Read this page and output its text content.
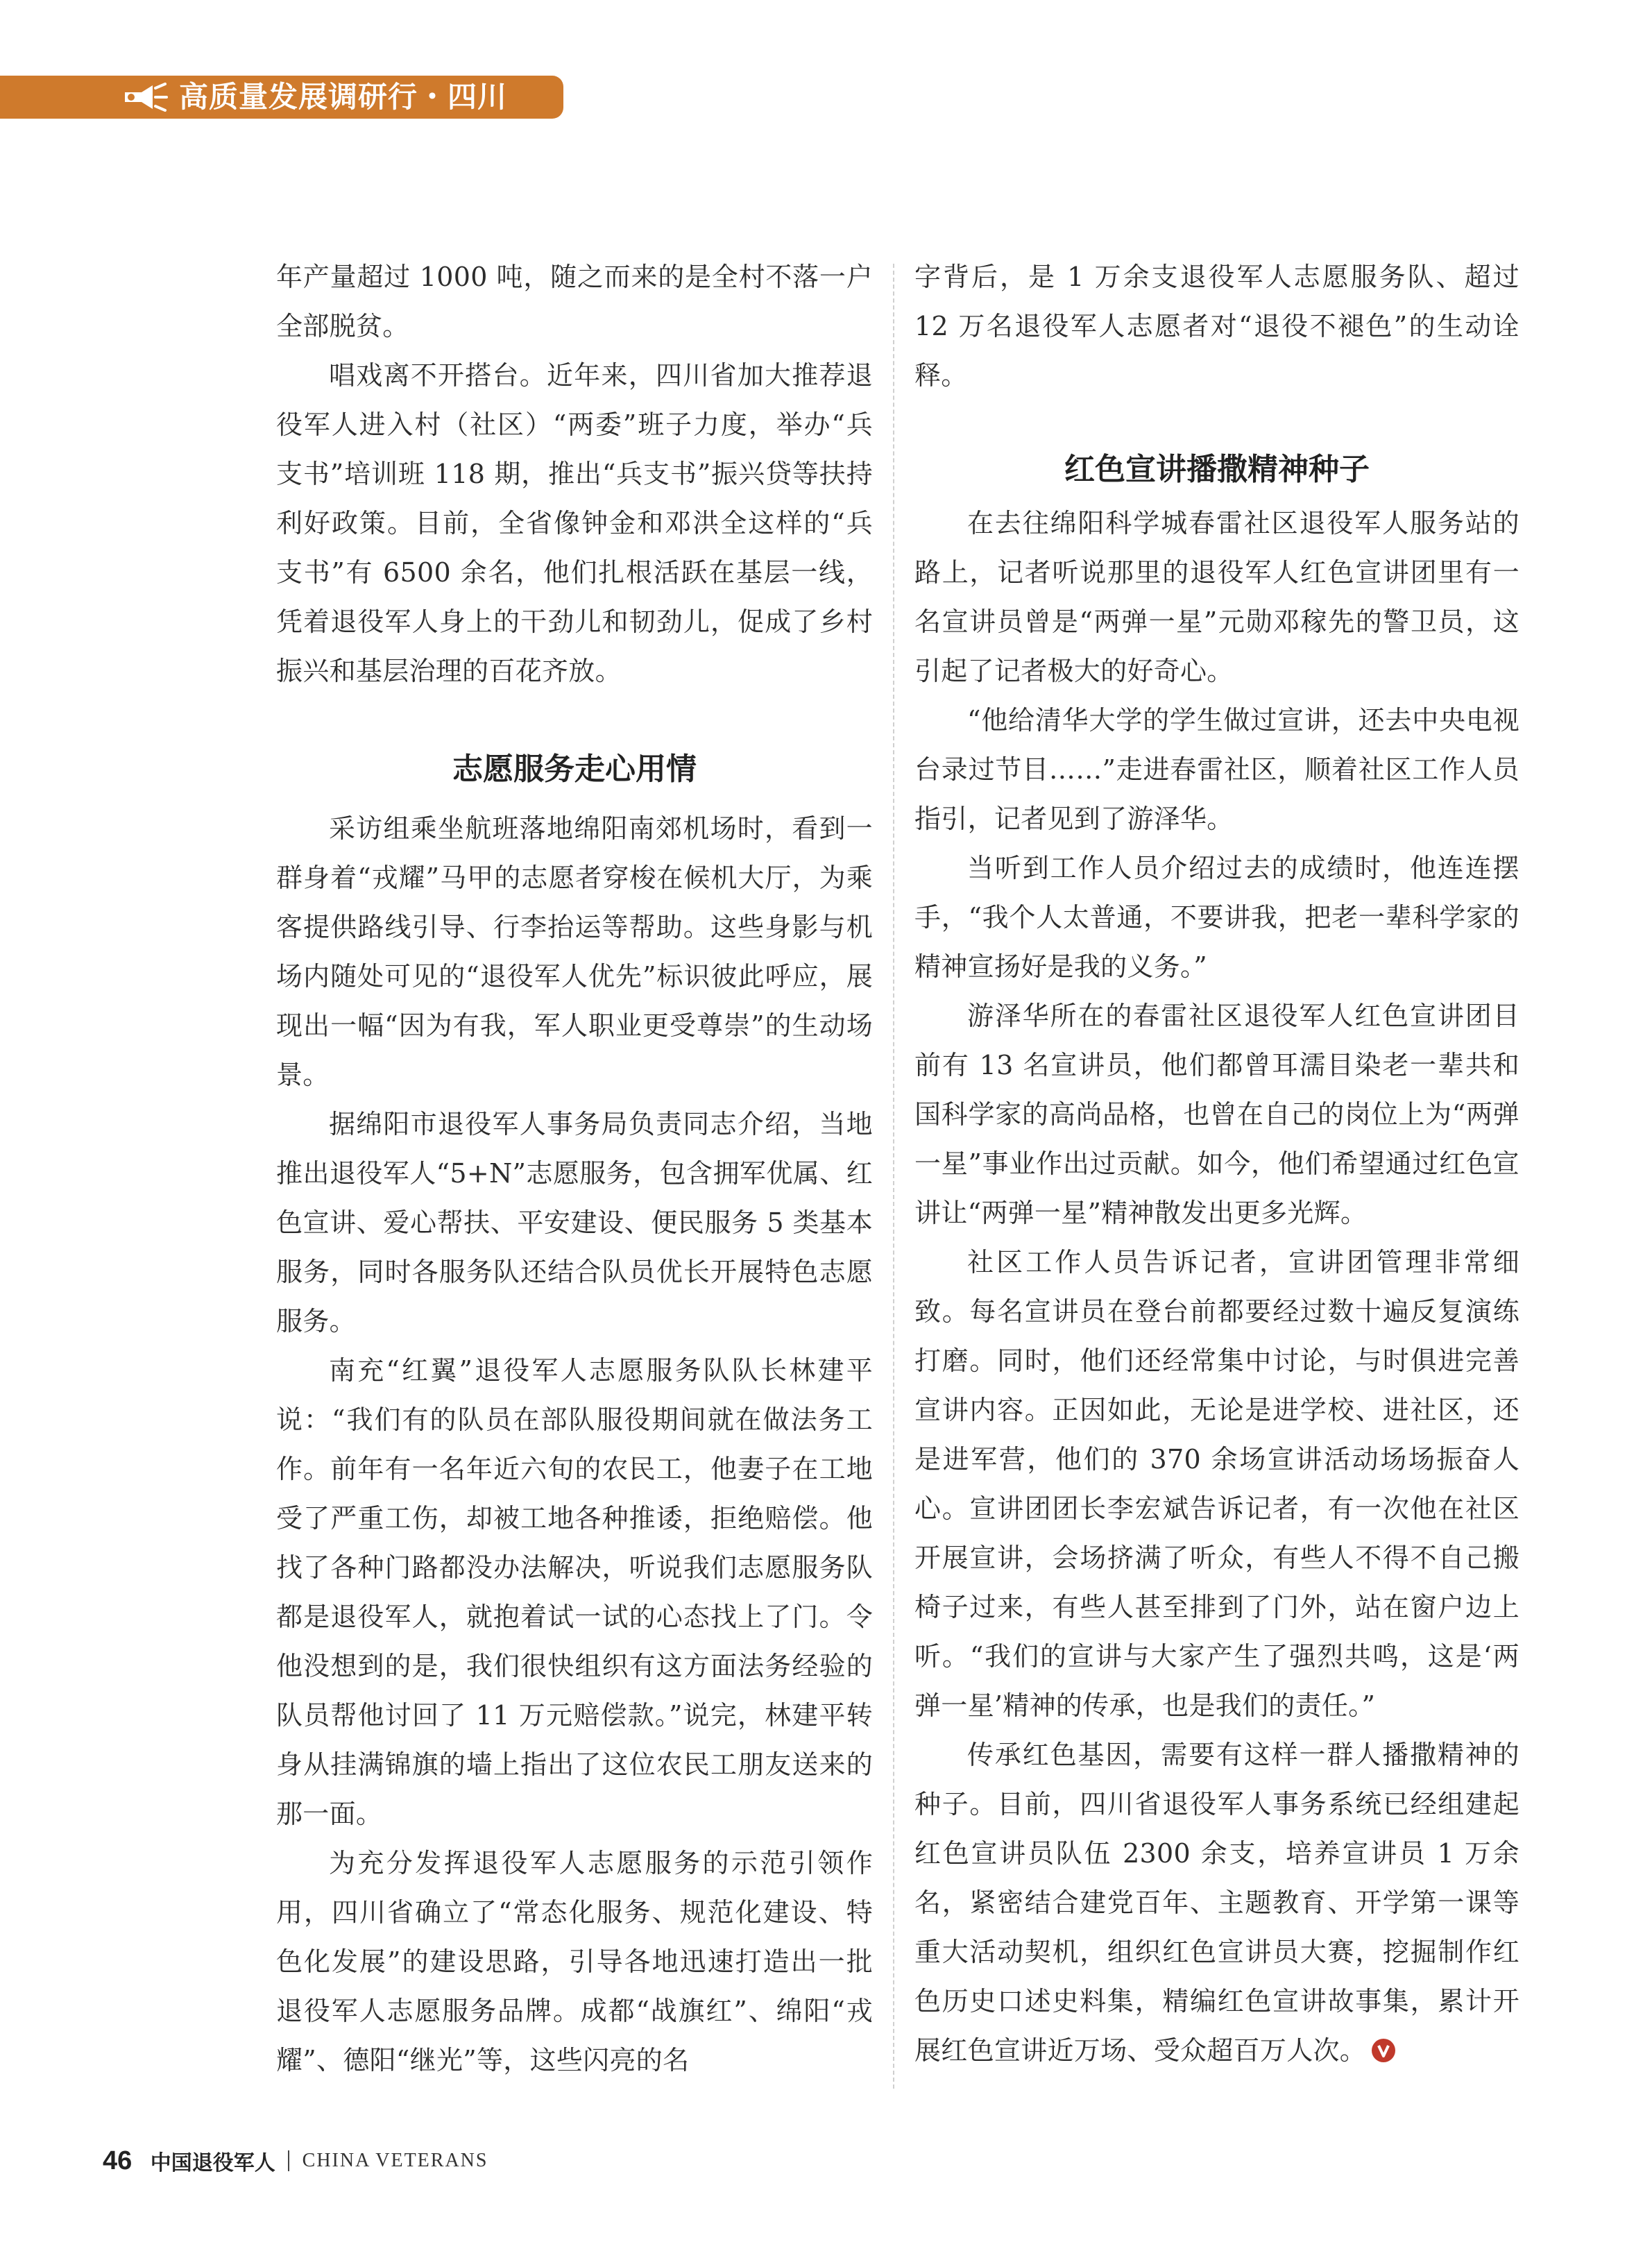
高质量发展调研行・四川

年产量超过 1000 吨，随之而来的是全村不落一户全部脱贫。

唱戏离不开搭台。近年来，四川省加大推荐退役军人进入村（社区）“两委”班子力度，举办“兵支书”培训班 118 期，推出“兵支书”振兴贷等扶持利好政策。目前，全省像钟金和邓洪全这样的“兵支书”有 6500 余名，他们扎根活跃在基层一线，凭着退役军人身上的干劲儿和韧劲儿，促成了乡村振兴和基层治理的百花齐放。

志愿服务走心用情

采访组乘坐航班落地绵阳南郊机场时，看到一群身着“戎耀”马甲的志愿者穿梭在候机大厅，为乘客提供路线引导、行李抬运等帮助。这些身影与机场内随处可见的“退役军人优先”标识彼此呼应，展现出一幅“因为有我，军人职业更受尊崇”的生动场景。

据绵阳市退役军人事务局负责同志介绍，当地推出退役军人“5+N”志愿服务，包含拥军优属、红色宣讲、爱心帮扶、平安建设、便民服务 5 类基本服务，同时各服务队还结合队员优长开展特色志愿服务。

南充“红翼”退役军人志愿服务队队长林建平说：“我们有的队员在部队服役期间就在做法务工作。前年有一名年近六旬的农民工，他妻子在工地受了严重工伤，却被工地各种推诿，拒绝赔偿。他找了各种门路都没办法解决，听说我们志愿服务队都是退役军人，就抱着试一试的心态找上了门。令他没想到的是，我们很快组织有这方面法务经验的队员帮他讨回了 11 万元赔偿款。”说完，林建平转身从挂满锦旗的墙上指出了这位农民工朋友送来的那一面。

为充分发挥退役军人志愿服务的示范引领作用，四川省确立了“常态化服务、规范化建设、特色化发展”的建设思路，引导各地迅速打造出一批退役军人志愿服务品牌。成都“战旗红”、绵阳“戎耀”、德阳“继光”等，这些闪亮的名

字背后，是 1 万余支退役军人志愿服务队、超过 12 万名退役军人志愿者对“退役不褪色”的生动诠释。

红色宣讲播撒精神种子

在去往绵阳科学城春雷社区退役军人服务站的路上，记者听说那里的退役军人红色宣讲团里有一名宣讲员曾是“两弹一星”元勋邓稼先的警卫员，这引起了记者极大的好奇心。

“他给清华大学的学生做过宣讲，还去中央电视台录过节目……”走进春雷社区，顺着社区工作人员指引，记者见到了游泽华。

当听到工作人员介绍过去的成绩时，他连连摆手，“我个人太普通，不要讲我，把老一辈科学家的精神宣扬好是我的义务。”

游泽华所在的春雷社区退役军人红色宣讲团目前有 13 名宣讲员，他们都曾耳濡目染老一辈共和国科学家的高尚品格，也曾在自己的岗位上为“两弹一星”事业作出过贡献。如今，他们希望通过红色宣讲让“两弹一星”精神散发出更多光辉。

社区工作人员告诉记者，宣讲团管理非常细致。每名宣讲员在登台前都要经过数十遍反复演练打磨。同时，他们还经常集中讨论，与时俱进完善宣讲内容。正因如此，无论是进学校、进社区，还是进军营，他们的 370 余场宣讲活动场场振奋人心。宣讲团团长李宏斌告诉记者，有一次他在社区开展宣讲，会场挤满了听众，有些人不得不自己搬椅子过来，有些人甚至排到了门外，站在窗户边上听。“我们的宣讲与大家产生了强烈共鸣，这是‘两弹一星’精神的传承，也是我们的责任。”

传承红色基因，需要有这样一群人播撒精神的种子。目前，四川省退役军人事务系统已经组建起红色宣讲员队伍 2300 余支，培养宣讲员 1 万余名，紧密结合建党百年、主题教育、开学第一课等重大活动契机，组织红色宣讲员大赛，挖掘制作红色历史口述史料集，精编红色宣讲故事集，累计开展红色宣讲近万场、受众超百万人次。

46 中国退役军人 CHINA VETERANS
